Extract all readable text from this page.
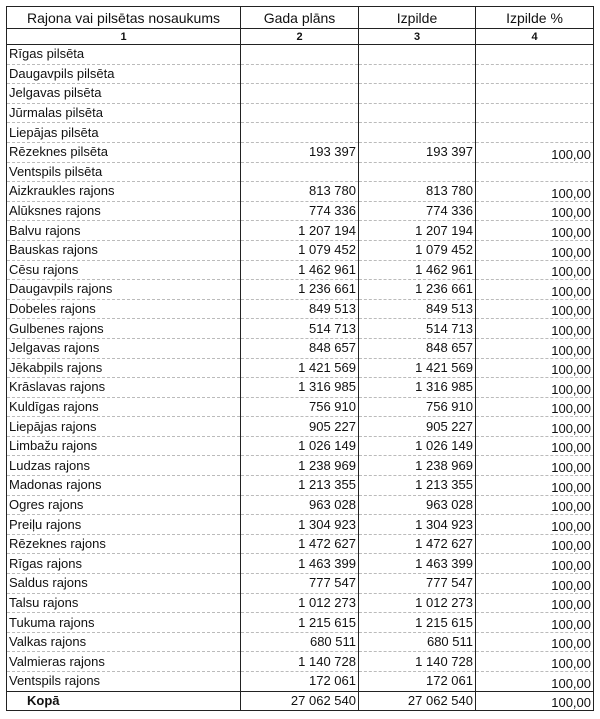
Rajona vai pilsētas nosaukums	Gada plāns	Izpilde	Izpilde %
1	2	3	4
Rīgas pilsēta			
Daugavpils pilsēta			
Jelgavas pilsēta			
Jūrmalas pilsēta			
Liepājas pilsēta			
Rēzeknes pilsēta	193 397	193 397	100,00
Ventspils pilsēta			
Aizkraukles rajons	813 780	813 780	100,00
Alūksnes rajons	774 336	774 336	100,00
Balvu rajons	1 207 194	1 207 194	100,00
Bauskas rajons	1 079 452	1 079 452	100,00
Cēsu rajons	1 462 961	1 462 961	100,00
Daugavpils rajons	1 236 661	1 236 661	100,00
Dobeles rajons	849 513	849 513	100,00
Gulbenes rajons	514 713	514 713	100,00
Jelgavas rajons	848 657	848 657	100,00
Jēkabpils rajons	1 421 569	1 421 569	100,00
Krāslavas rajons	1 316 985	1 316 985	100,00
Kuldīgas rajons	756 910	756 910	100,00
Liepājas rajons	905 227	905 227	100,00
Limbažu rajons	1 026 149	1 026 149	100,00
Ludzas rajons	1 238 969	1 238 969	100,00
Madonas rajons	1 213 355	1 213 355	100,00
Ogres rajons	963 028	963 028	100,00
Preiļu rajons	1 304 923	1 304 923	100,00
Rēzeknes rajons	1 472 627	1 472 627	100,00
Rīgas rajons	1 463 399	1 463 399	100,00
Saldus rajons	777 547	777 547	100,00
Talsu rajons	1 012 273	1 012 273	100,00
Tukuma rajons	1 215 615	1 215 615	100,00
Valkas rajons	680 511	680 511	100,00
Valmieras rajons	1 140 728	1 140 728	100,00
Ventspils rajons	172 061	172 061	100,00
Kopā	27 062 540	27 062 540	100,00
